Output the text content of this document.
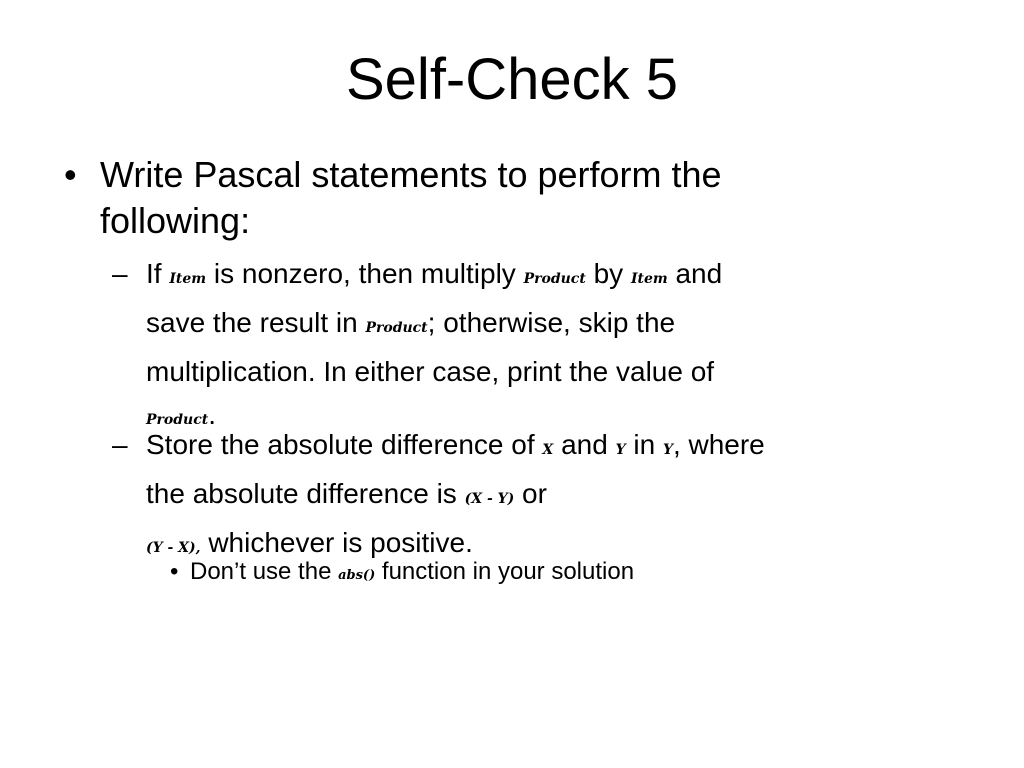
Self-Check 5
• Write Pascal statements to perform the
following:
– If Item is nonzero, then multiply Product by Item and
save the result in Product; otherwise, skip the
multiplication. In either case, print the value of
Product.
– Store the absolute difference of X and Y in Y, where
the absolute difference is (X - Y) or
(Y - X), whichever is positive.
• Don’t use the abs() function in your solution
